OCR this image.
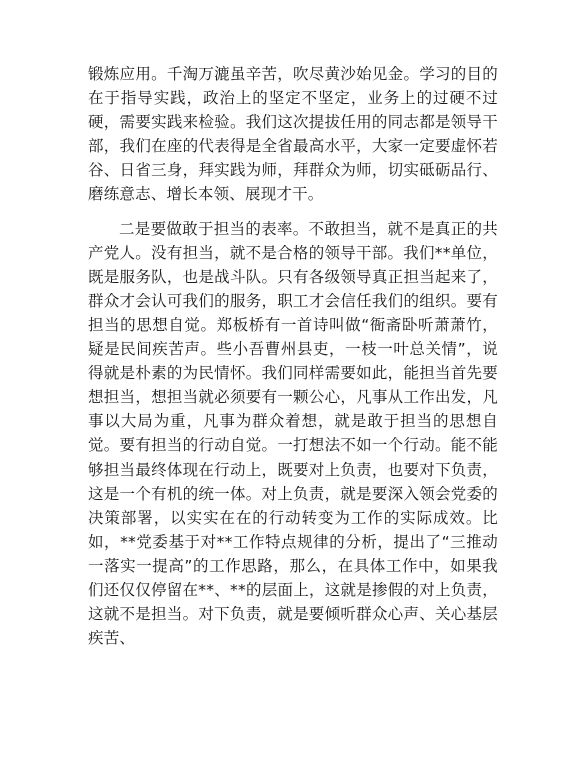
锻炼应用。千淘万漉虽辛苦，吹尽黄沙始见金。学习的目的在于指导实践，政治上的坚定不坚定，业务上的过硬不过硬，需要实践来检验。我们这次提拔任用的同志都是领导干部，我们在座的代表得是全省最高水平，大家一定要虚怀若谷、日省三身，拜实践为师，拜群众为师，切实砥砺品行、磨练意志、增长本领、展现才干。

二是要做敢于担当的表率。不敢担当，就不是真正的共产党人。没有担当，就不是合格的领导干部。我们**单位，既是服务队，也是战斗队。只有各级领导真正担当起来了，群众才会认可我们的服务，职工才会信任我们的组织。要有担当的思想自觉。郑板桥有一首诗叫做“衙斋卧听萧萧竹，疑是民间疾苦声。些小吾曹州县吏，一枝一叶总关情”，说得就是朴素的为民情怀。我们同样需要如此，能担当首先要想担当，想担当就必须要有一颗公心，凡事从工作出发，凡事以大局为重，凡事为群众着想，就是敢于担当的思想自觉。要有担当的行动自觉。一打想法不如一个行动。能不能够担当最终体现在行动上，既要对上负责，也要对下负责，这是一个有机的统一体。对上负责，就是要深入领会党委的决策部署，以实实在在的行动转变为工作的实际成效。比如，**党委基于对**工作特点规律的分析，提出了“三推动一落实一提高”的工作思路，那么，在具体工作中，如果我们还仅仅停留在**、**的层面上，这就是掺假的对上负责，这就不是担当。对下负责，就是要倾听群众心声、关心基层疾苦、
